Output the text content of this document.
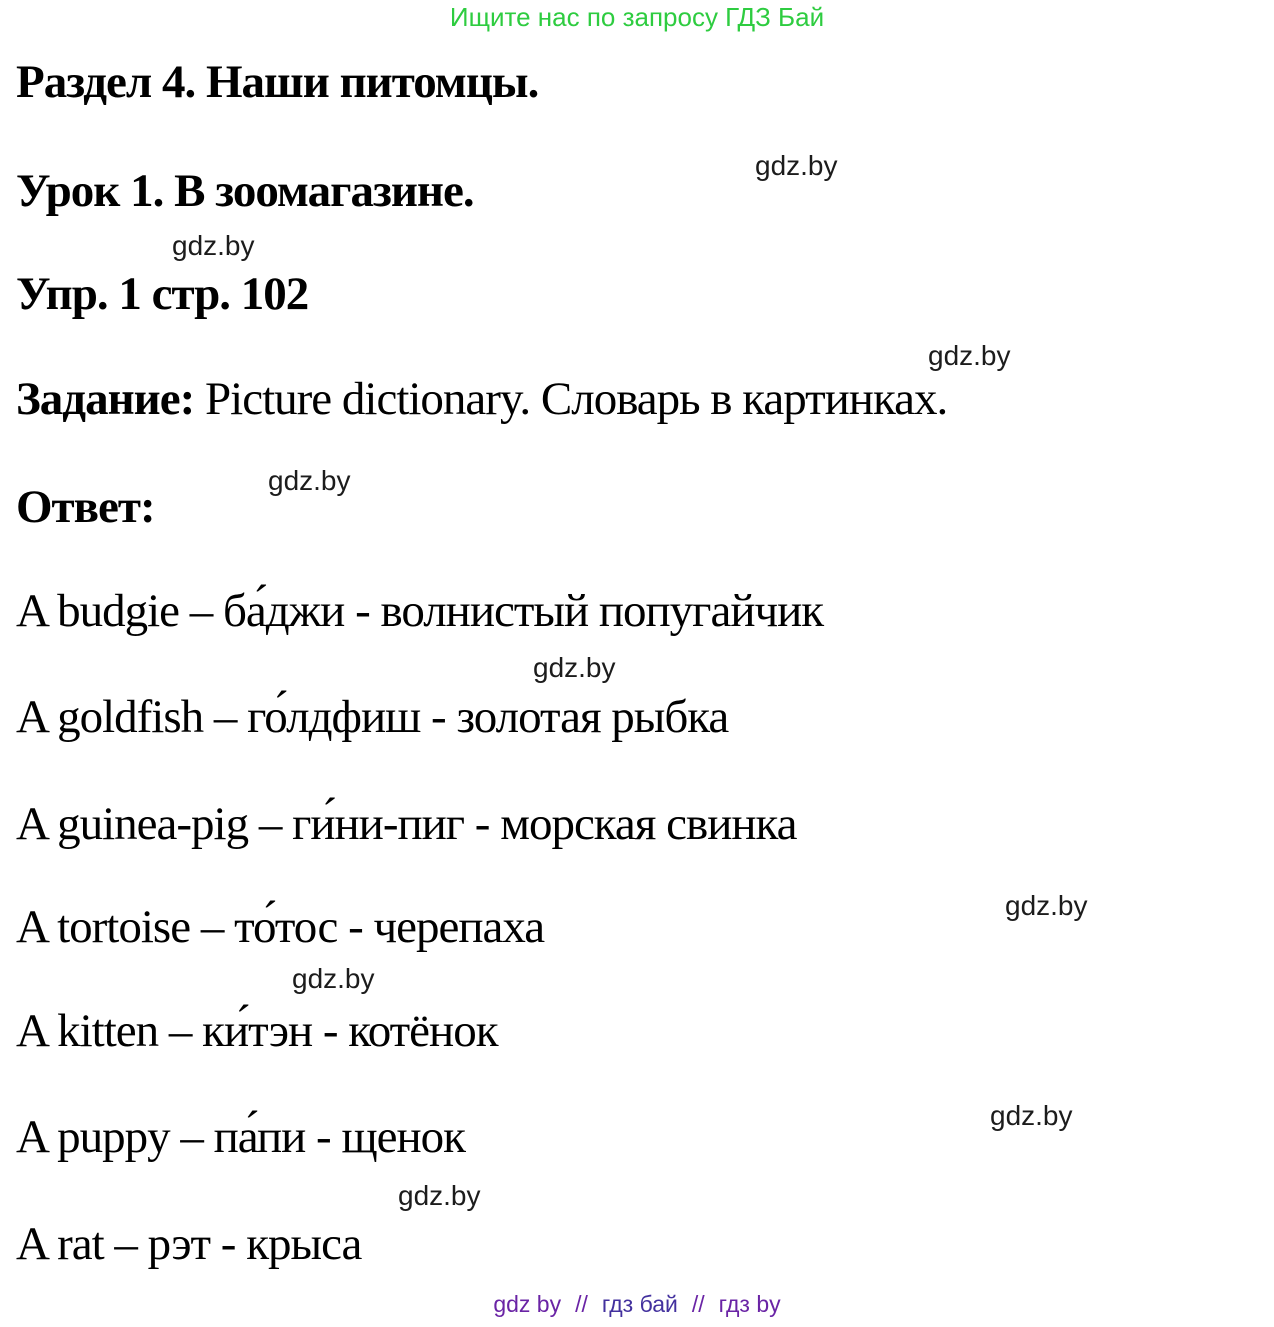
Ищите нас по запросу ГДЗ Бай
Раздел 4. Наши питомцы.
Урок 1. В зоомагазине.
Упр. 1 стр. 102
Задание: Picture dictionary. Словарь в картинках.
Ответ:
A budgie – ба́джи - волнистый попугайчик
A goldfish – го́лдфиш - золотая рыбка
A guinea-pig – ги́ни-пиг - морская свинка
A tortoise – то́тос - черепаха
A kitten – ки́тэн - котёнок
A puppy – па́пи - щенок
A rat – рэт - крыса
gdz.by
gdz.by
gdz.by
gdz.by
gdz.by
gdz.by
gdz.by
gdz.by
gdz.by
gdz by // гдз бай // гдз by
